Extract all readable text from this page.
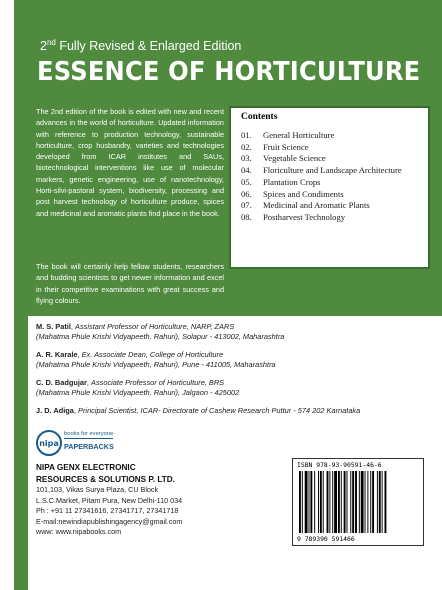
2nd Fully Revised & Enlarged Edition
ESSENCE OF HORTICULTURE

The 2nd edition of the book is edited with new and recent advances in the world of horticulture. Updated information with reference to production technology, sustainable horticulture, crop husbandry, varieties and technologies developed from ICAR institutes and SAUs, biotechnological interventions like use of molecular markers, genetic engineering, use of nanotechnology, Horti-silvi-pastoral system, biodiversity, processing and post harvest technology of horticulture produce, spices and medicinal and aromatic plants find place in the book.

The book will certainly help fellow students, researchers and budding scientists to get newer information and excel in their competitive examinations with great success and flying colours.

Contents
01.	General Horticulture
02.	Fruit Science
03.	Vegetable Science
04.	Floriculture and Landscape Architecture
05.	Plantation Crops
06.	Spices and Condiments
07.	Medicinal and Aromatic Plants
08.	Postharvest Technology
M. S. Patil, Assistant Professor of Horticulture, NARP, ZARS
(Mahatma Phule Krishi Vidyapeeth, Rahuri), Solapur - 413002, Maharashtra
A. R. Karale, Ex. Associate Dean, College of Horticulture
(Mahatma Phule Krishi Vidyapeeth, Rahuri), Pune - 411005, Maharashtra
C. D. Badgujar, Associate Professor of Horticulture, BRS
(Mahatma Phule Krishi Vidyapeeth, Rahuri), Jalgaon - 425002
J. D. Adiga, Principal Scientist, ICAR- Directorate of Cashew Research Puttur - 574 202 Karnataka
nipa
books for everyone
PAPERBACKS
NIPA GENX ELECTRONIC
RESOURCES & SOLUTIONS P. LTD.
101,103, Vikas Surya Plaza, CU Block
L.S.C.Market, Pitam Pura, New Delhi-110 034
Ph : +91 11 27341616, 27341717, 27341718
E-mail:newindiapublishingagency@gmail.com
www: www.nipabooks.com
ISBN 978-93-90591-46-6
9 789390 591466
